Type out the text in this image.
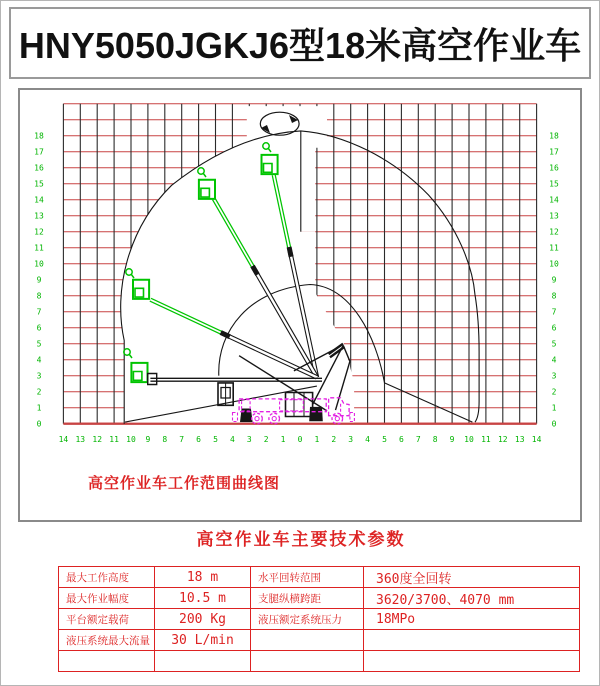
HNY5050JGKJ6型18米高空作业车
0	0
1	1
2	2
3	3
4	4
5	5
6	6
7	7
8	8
9	9
10	10
11	11
12	12
13	13
14	14
15	15
16	16
17	17
18	18
14 13 12 11 10 9 8 7 6 5 4 3 2 1 0 1 2 3 4 5 6 7 8 9 10 11 12 13 14
高空作业车工作范围曲线图
高空作业车主要技术参数
最大工作高度	18 m	水平回转范围	360度全回转
最大作业幅度	10.5 m	支腿纵横跨距	3620/3700、4070 mm
平台额定载荷	200 Kg	液压额定系统压力	18MPo
液压系统最大流量	30 L/min		
